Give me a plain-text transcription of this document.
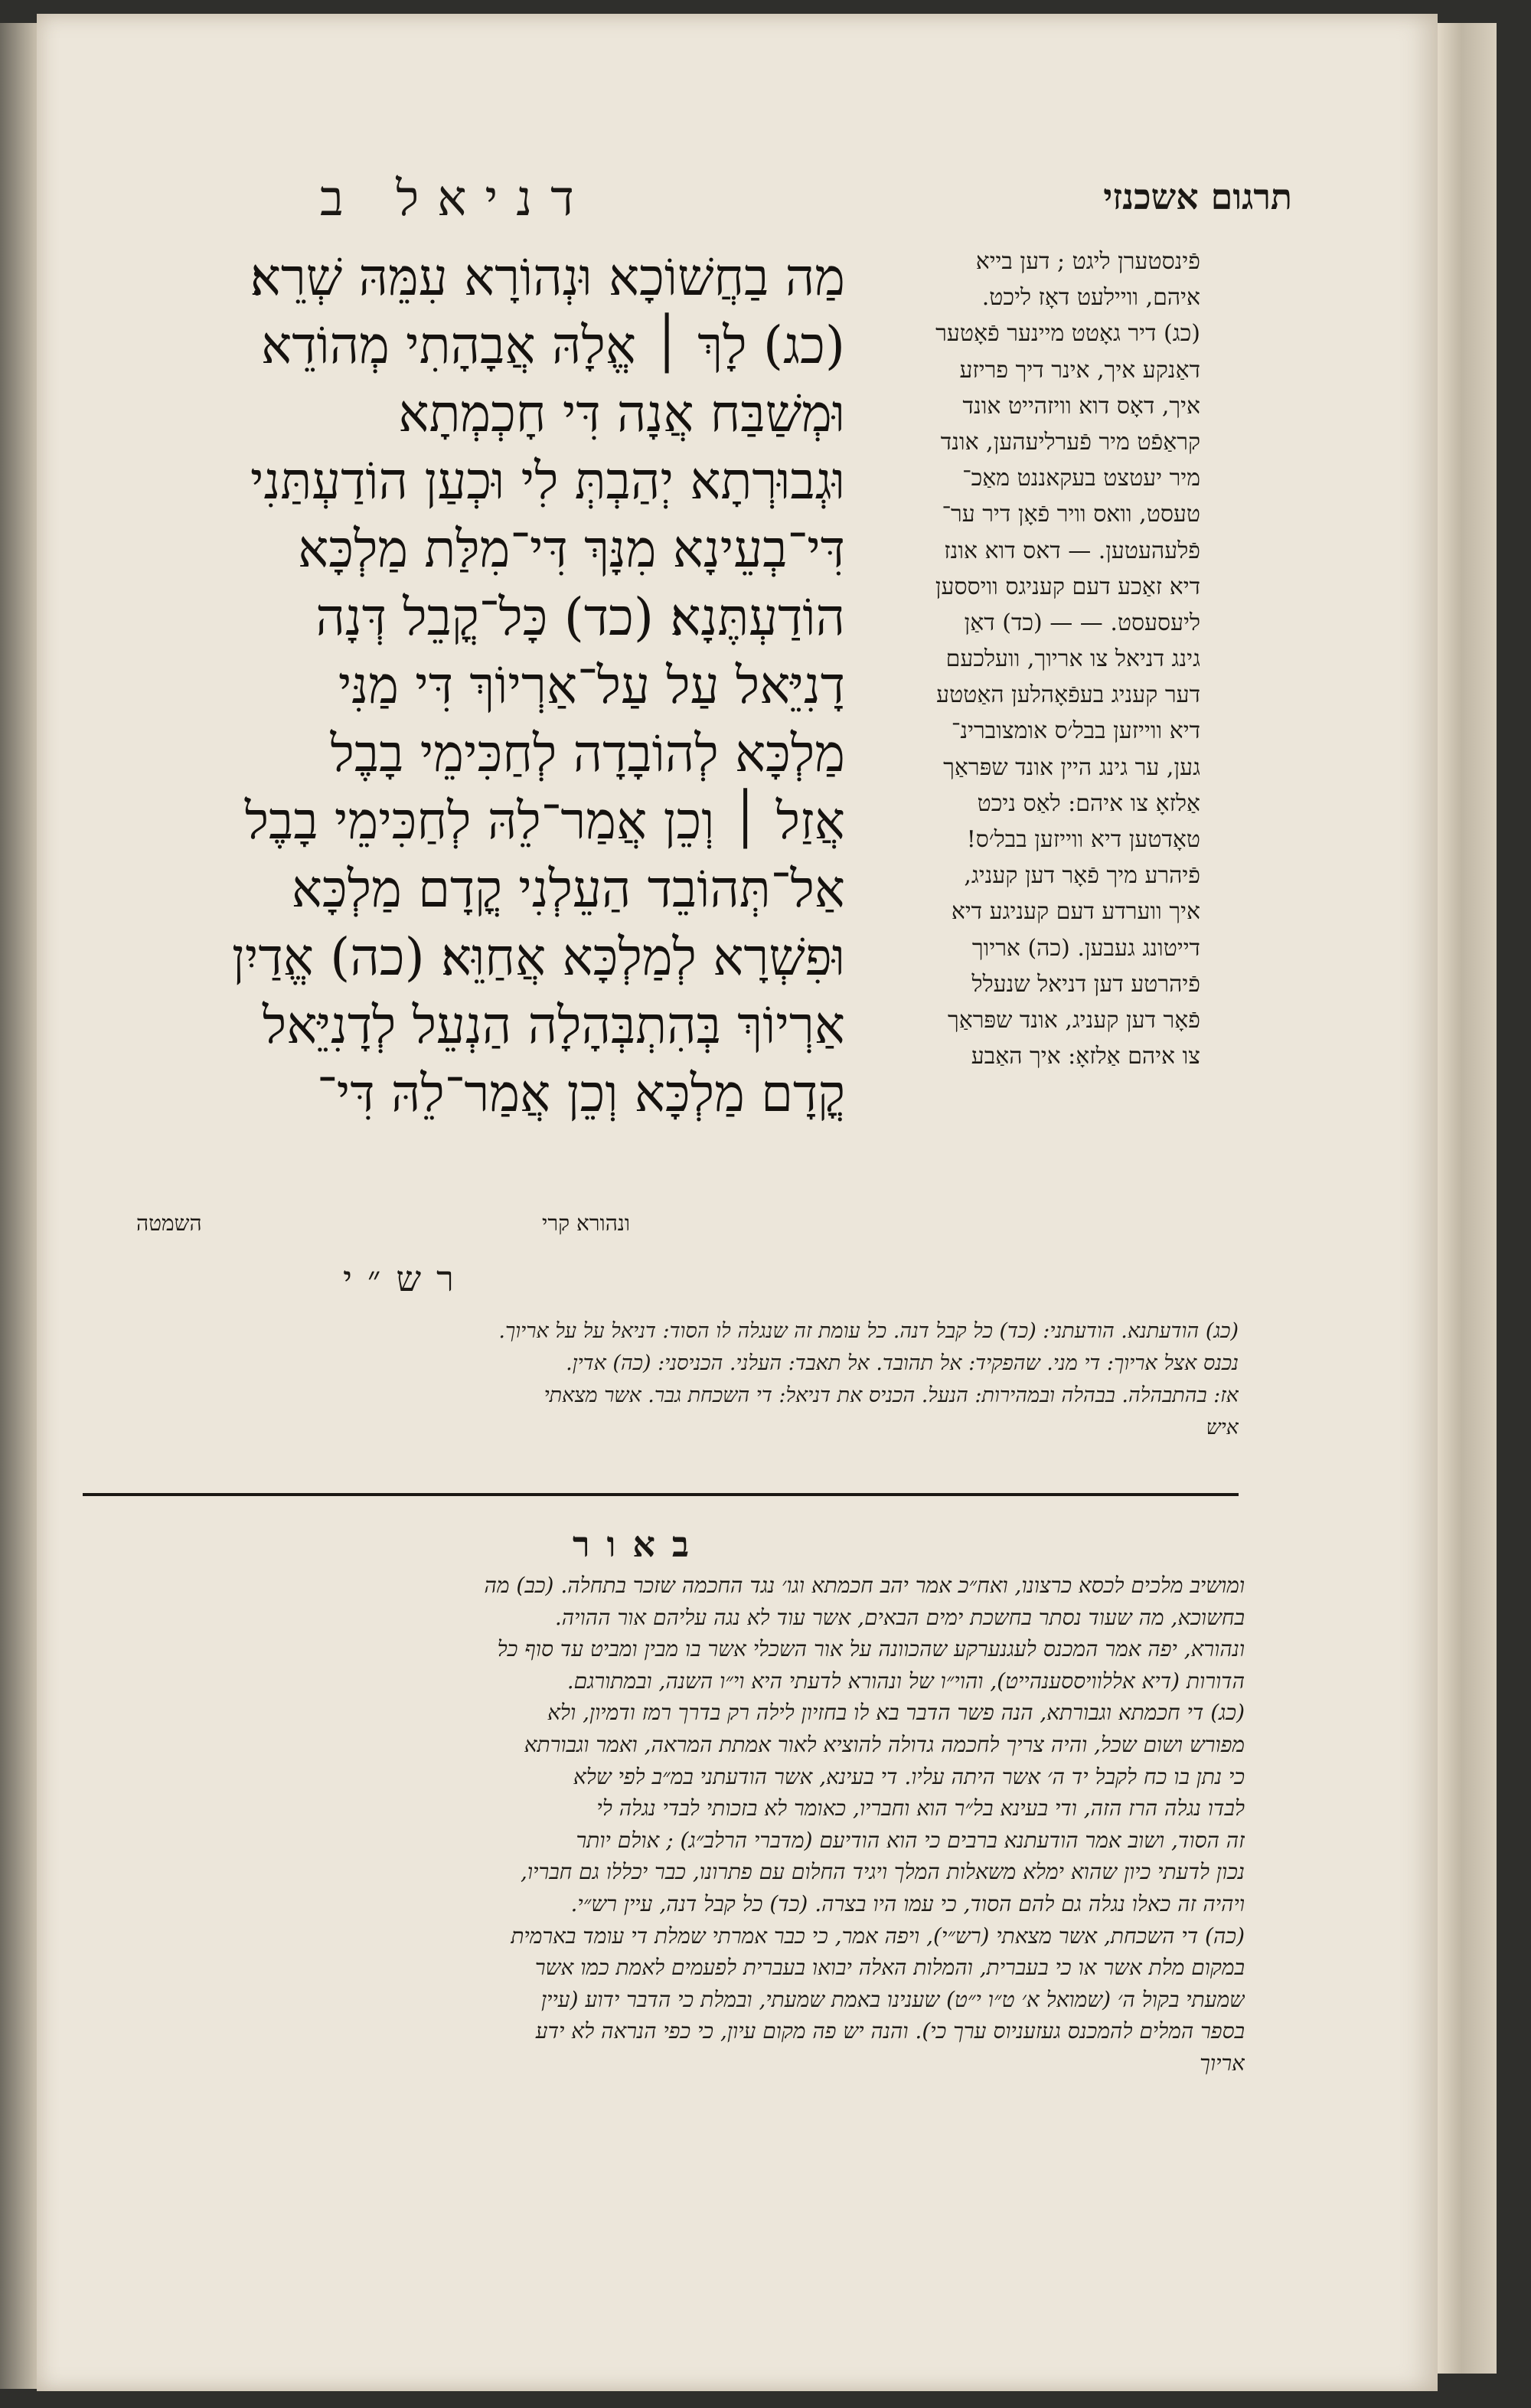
תרגום אשכנזי
דניאל ב
מַה בַחֲשׁוֹכָא וּנְהוֹרָא עִמֵּהּ שְׁרֵא׃
(כג) לָךְ ׀ אֱלָהּ אֲבָהָתִי מְהוֹדֵא
וּמְשַׁבַּח אֲנָה דִּי חָכְמְתָא
וּגְבוּרְתָא יְהַבְתְּ לִי וּכְעַן הוֹדַעְתַּנִי
דִּי־בְעֵינָא מִנָּךְ דִּי־מִלַּת מַלְכָּא
הוֹדַעְתֶּנָא׃ (כד) כָּל־קֳבֵל דְּנָה
דָנִיֵּאל עַל עַל־אַרְיוֹךְ דִּי מַנִּי
מַלְכָּא לְהוֹבָדָה לְחַכִּימֵי בָבֶל
אֲזַל ׀ וְכֵן אֲמַר־לֵהּ לְחַכִּימֵי בָבֶל
אַל־תְּהוֹבֵד הַעֵלְנִי קֳדָם מַלְכָּא
וּפִשְׁרָא לְמַלְכָּא אֲחַוֵּא׃ (כה) אֱדַיִן
אַרְיוֹךְ בְּהִתְבְּהָלָה הַנְעֵל לְדָנִיֵּאל
קֳדָם מַלְכָּא וְכֵן אֲמַר־לֵהּ דִּי־
פֿינסטערן ליגט ; דען בייא
איהם, וויילעט דאָז ליכט.
(כג) דיר גאָטט מיינער פֿאָטער
דאַנקע איך, אינר דיך פריזע
איך, דאָס דוא וויזהייט אונד
קראַפֿט מיר פֿערליעהען, אונד
מיר יעטצט בעקאננט מאַכ־
טעסט, וואס וויר פֿאָן דיר ער־
פֿלעהעטען. — דאס דוא אונז
דיא זאַכע דעם קעניגס וויססען
ליעסעסט. — — (כד) דאַן
גינג דניאל צו אריוך, וועלכעם
דער קעניג בעפֿאָהלען האַטטע
דיא ווייזען בבל׳ס אומצוברינ־
גען, ער גינג היין אונד שפּראַך
אַלזאָ צו איהם: לאַס ניכט
טאָדטען דיא ווייזען בבל׳ס!
פֿיהרע מיך פֿאָר דען קעניג,
איך ווערדע דעם קעניגע דיא
דייטונג געבען. (כה) אריוך
פֿיהרטע דען דניאל שנעלל
פֿאָר דען קעניג, אונד שפּראַך
צו איהם אַלזאָ: איך האַבע
ונהורא קרי
השמטה
רש״י
(כג) הודעתנא. הודעתני: (כד) כל קבל דנה. כל עומת זה שנגלה לו הסוד: דניאל על על אריוך.
נכנס אצל אריוך: די מני. שהפקיד: אל תהובד. אל תאבד: העלני. הכניסני: (כה) אדין.
אז: בהתבהלה. בבהלה ובמהירות: הנעל. הכניס את דניאל: די השכחת גבר. אשר מצאתי
איש
באור
ומושיב מלכים לכסא כרצונו, ואח״כ אמר יהב חכמתא וגו׳ נגד החכמה שזכר בתחלה. (כב) מה
בחשוכא, מה שעוד נסתר בחשכת ימים הבאים, אשר עוד לא נגה עליהם אור ההויה.
ונהורא, יפה אמר המכנס לעגנערקע שהכוונה על אור השכלי אשר בו מבין ומביט עד סוף כל
הדורות (דיא אללוויססענהייט), והוי״ו של ונהורא לדעתי היא וי״ו השנה, ובמתורגם.
(כג) די חכמתא וגבורתא, הנה פשר הדבר בא לו בחזיון לילה רק בדרך רמז ודמיון, ולא
מפורש ושום שכל, והיה צריך לחכמה גדולה להוציא לאור אמתת המראה, ואמר וגבורתא
כי נתן בו כח לקבל יד ה׳ אשר היתה עליו. די בעינא, אשר הודעתני במ״ב לפי שלא
לבדו נגלה הרז הזה, ודי בעינא בל״ר הוא וחבריו, כאומר לא בזכותי לבדי נגלה לי
זה הסוד, ושוב אמר הודעתנא ברבים כי הוא הודיעם (מדברי הרלב״ג) ; אולם יותר
נכון לדעתי כיון שהוא ימלא משאלות המלך ויגיד החלום עם פתרונו, כבר יכללו גם חבריו,
ויהיה זה כאלו נגלה גם להם הסוד, כי עמו היו בצרה. (כד) כל קבל דנה, עיין רש״י.
(כה) די השכחת, אשר מצאתי (רש״י), ויפה אמר, כי כבר אמרתי שמלת די עומד בארמית
במקום מלת אשר או כי בעברית, והמלות האלה יבואו בעברית לפעמים לאמת כמו אשר
שמעתי בקול ה׳ (שמואל א׳ ט״ו י״ט) שענינו באמת שמעתי, ובמלת כי הדבר ידוע (עיין
בספר המלים להמכנס געזעניוס ערך כי). והנה יש פה מקום עיון, כי כפי הנראה לא ידע
אריוך
